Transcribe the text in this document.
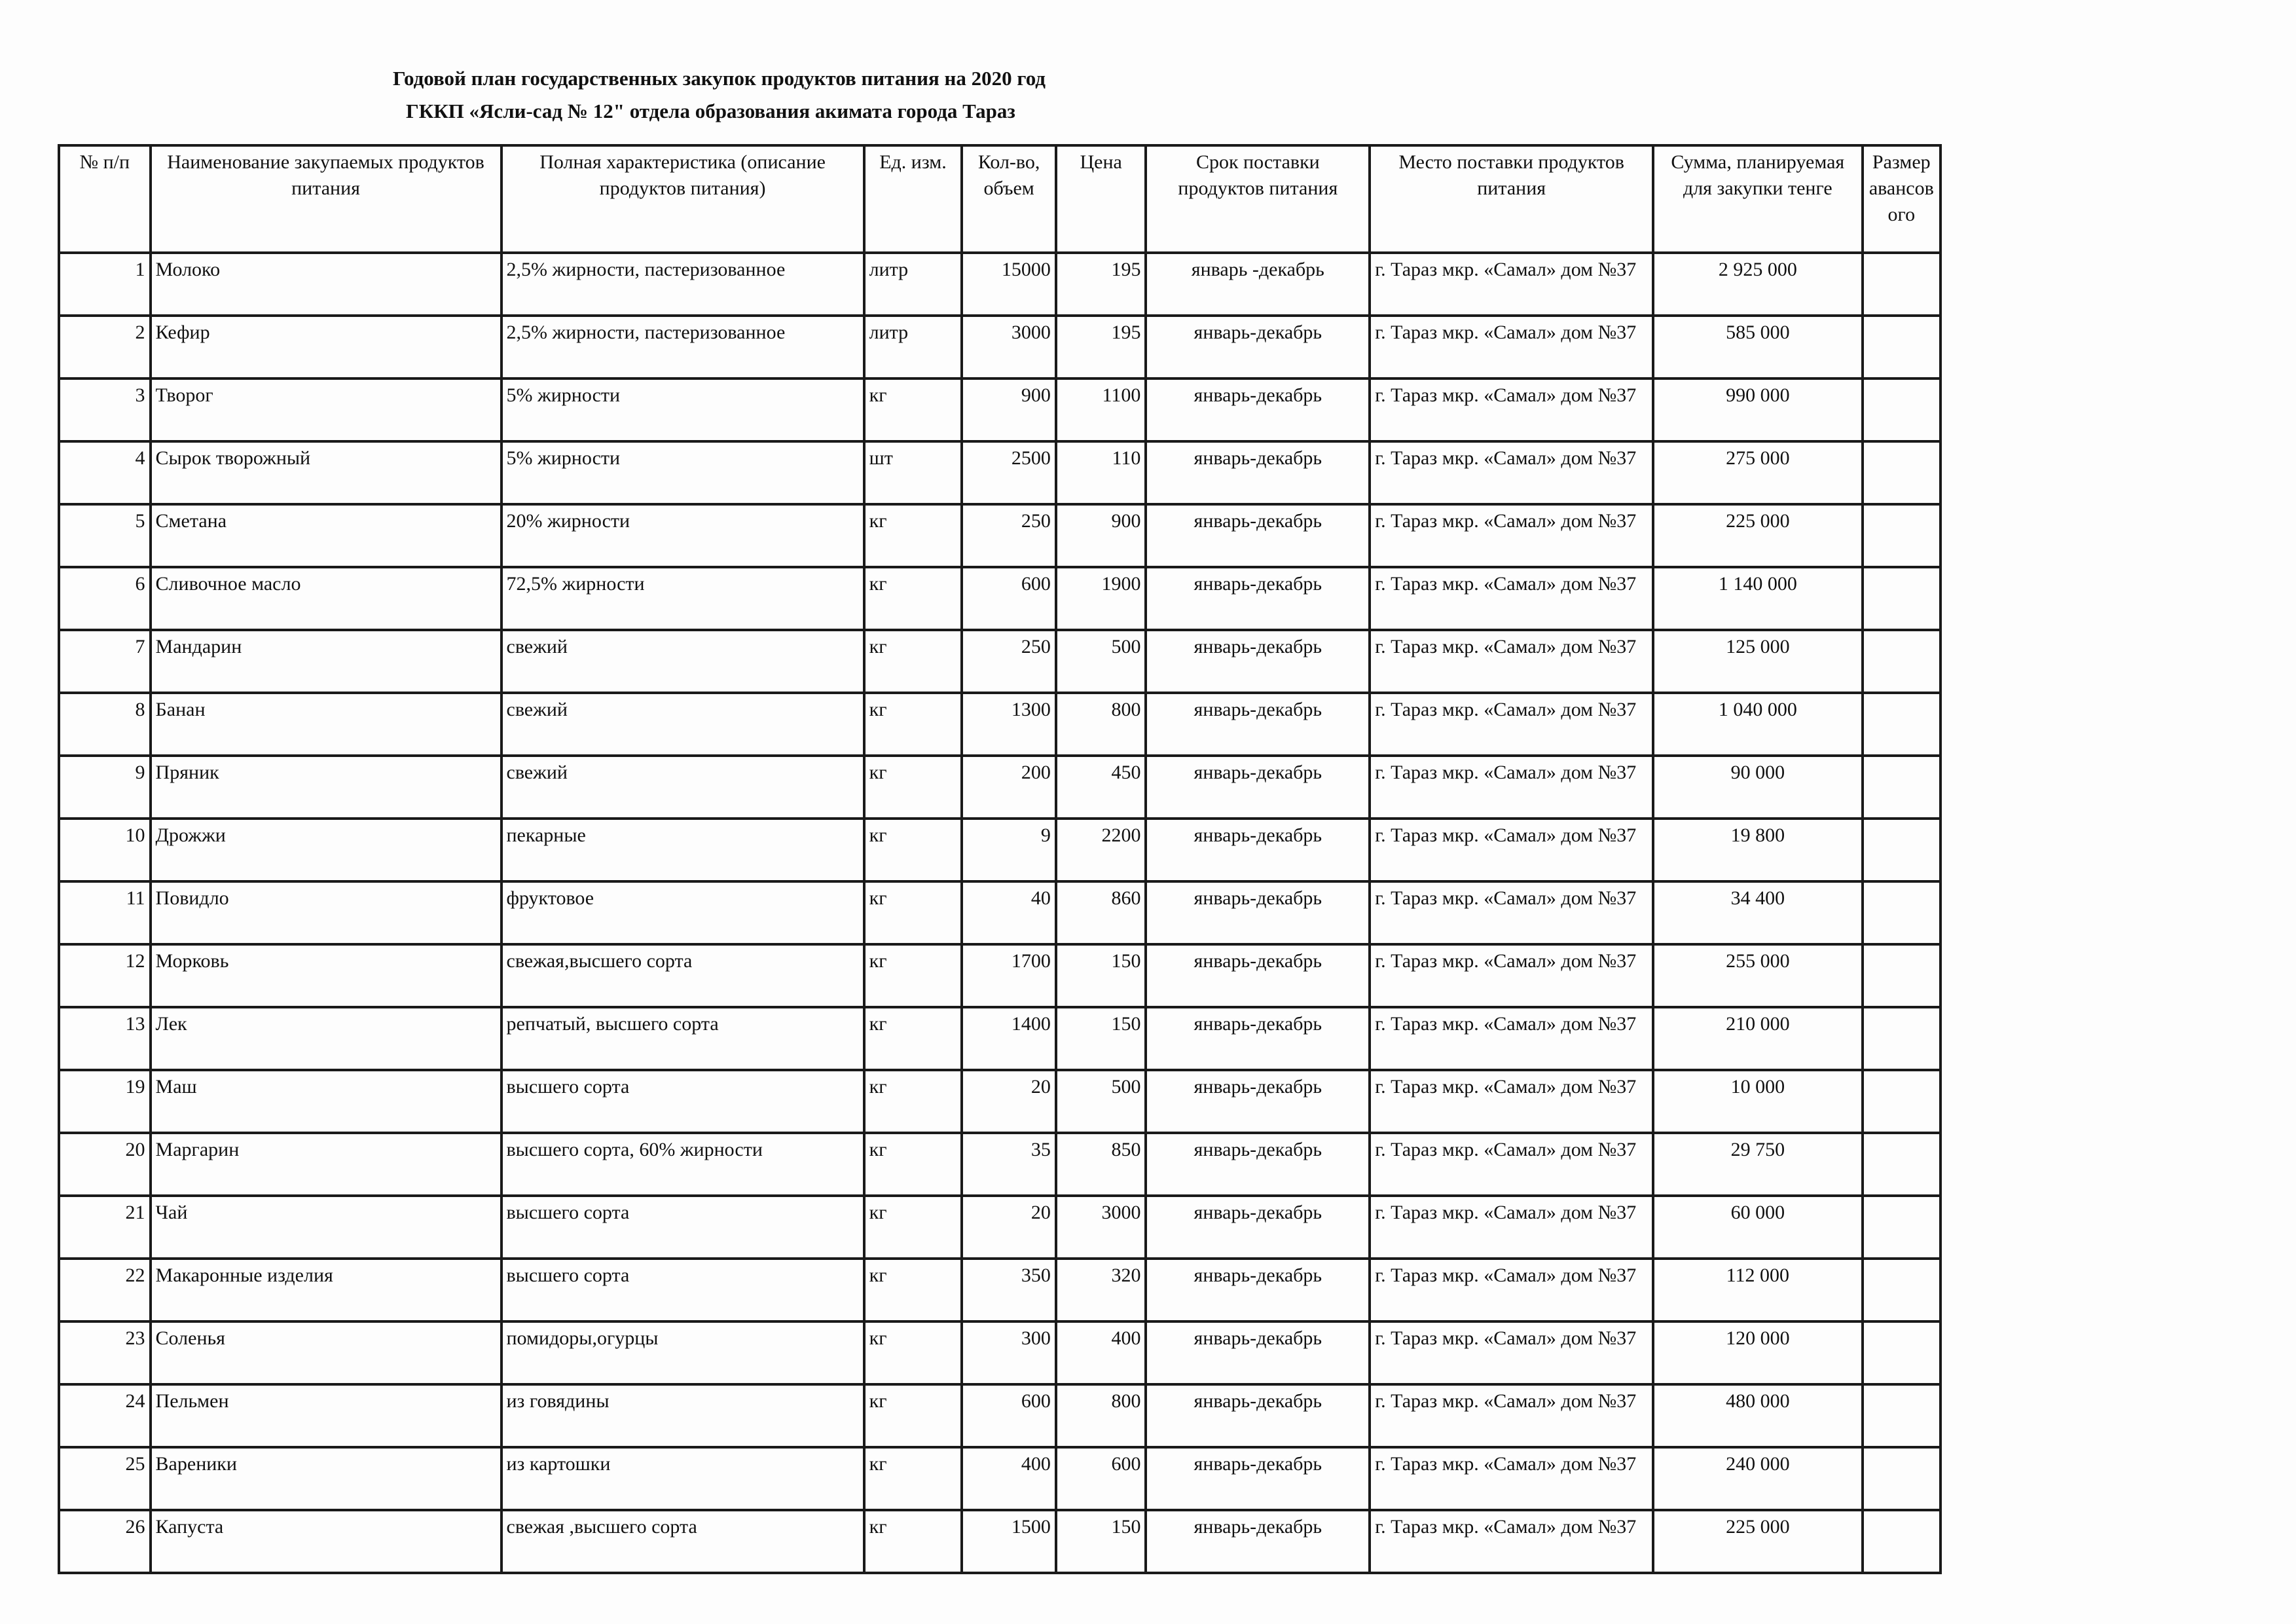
Годовой план государственных закупок продуктов питания на 2020 год
ГККП «Ясли-сад № 12" отдела образования акимата города Тараз
№ п/п	Наименование закупаемых продуктов питания	Полная характеристика (описание продуктов питания)	Ед. изм.	Кол-во, объем	Цена	Срок поставки продуктов питания	Место поставки продуктов питания	Сумма, планируемая для закупки тенге	Размер авансов ого
1	Молоко	2,5% жирности, пастеризованное	литр	15000	195	январь -декабрь	г. Тараз мкр. «Самал» дом №37	2 925 000	
2	Кефир	2,5% жирности, пастеризованное	литр	3000	195	январь-декабрь	г. Тараз мкр. «Самал» дом №37	585 000	
3	Творог	5% жирности	кг	900	1100	январь-декабрь	г. Тараз мкр. «Самал» дом №37	990 000	
4	Сырок творожный	5% жирности	шт	2500	110	январь-декабрь	г. Тараз мкр. «Самал» дом №37	275 000	
5	Сметана	20% жирности	кг	250	900	январь-декабрь	г. Тараз мкр. «Самал» дом №37	225 000	
6	Сливочное масло	72,5% жирности	кг	600	1900	январь-декабрь	г. Тараз мкр. «Самал» дом №37	1 140 000	
7	Мандарин	свежий	кг	250	500	январь-декабрь	г. Тараз мкр. «Самал» дом №37	125 000	
8	Банан	свежий	кг	1300	800	январь-декабрь	г. Тараз мкр. «Самал» дом №37	1 040 000	
9	Пряник	свежий	кг	200	450	январь-декабрь	г. Тараз мкр. «Самал» дом №37	90 000	
10	Дрожжи	пекарные	кг	9	2200	январь-декабрь	г. Тараз мкр. «Самал» дом №37	19 800	
11	Повидло	фруктовое	кг	40	860	январь-декабрь	г. Тараз мкр. «Самал» дом №37	34 400	
12	Морковь	свежая,высшего сорта	кг	1700	150	январь-декабрь	г. Тараз мкр. «Самал» дом №37	255 000	
13	Лек	репчатый, высшего сорта	кг	1400	150	январь-декабрь	г. Тараз мкр. «Самал» дом №37	210 000	
19	Маш	высшего сорта	кг	20	500	январь-декабрь	г. Тараз мкр. «Самал» дом №37	10 000	
20	Маргарин	высшего сорта, 60% жирности	кг	35	850	январь-декабрь	г. Тараз мкр. «Самал» дом №37	29 750	
21	Чай	высшего сорта	кг	20	3000	январь-декабрь	г. Тараз мкр. «Самал» дом №37	60 000	
22	Макаронные изделия	высшего сорта	кг	350	320	январь-декабрь	г. Тараз мкр. «Самал» дом №37	112 000	
23	Соленья	помидоры,огурцы	кг	300	400	январь-декабрь	г. Тараз мкр. «Самал» дом №37	120 000	
24	Пельмен	из говядины	кг	600	800	январь-декабрь	г. Тараз мкр. «Самал» дом №37	480 000	
25	Вареники	из картошки	кг	400	600	январь-декабрь	г. Тараз мкр. «Самал» дом №37	240 000	
26	Капуста	свежая ,высшего сорта	кг	1500	150	январь-декабрь	г. Тараз мкр. «Самал» дом №37	225 000	
